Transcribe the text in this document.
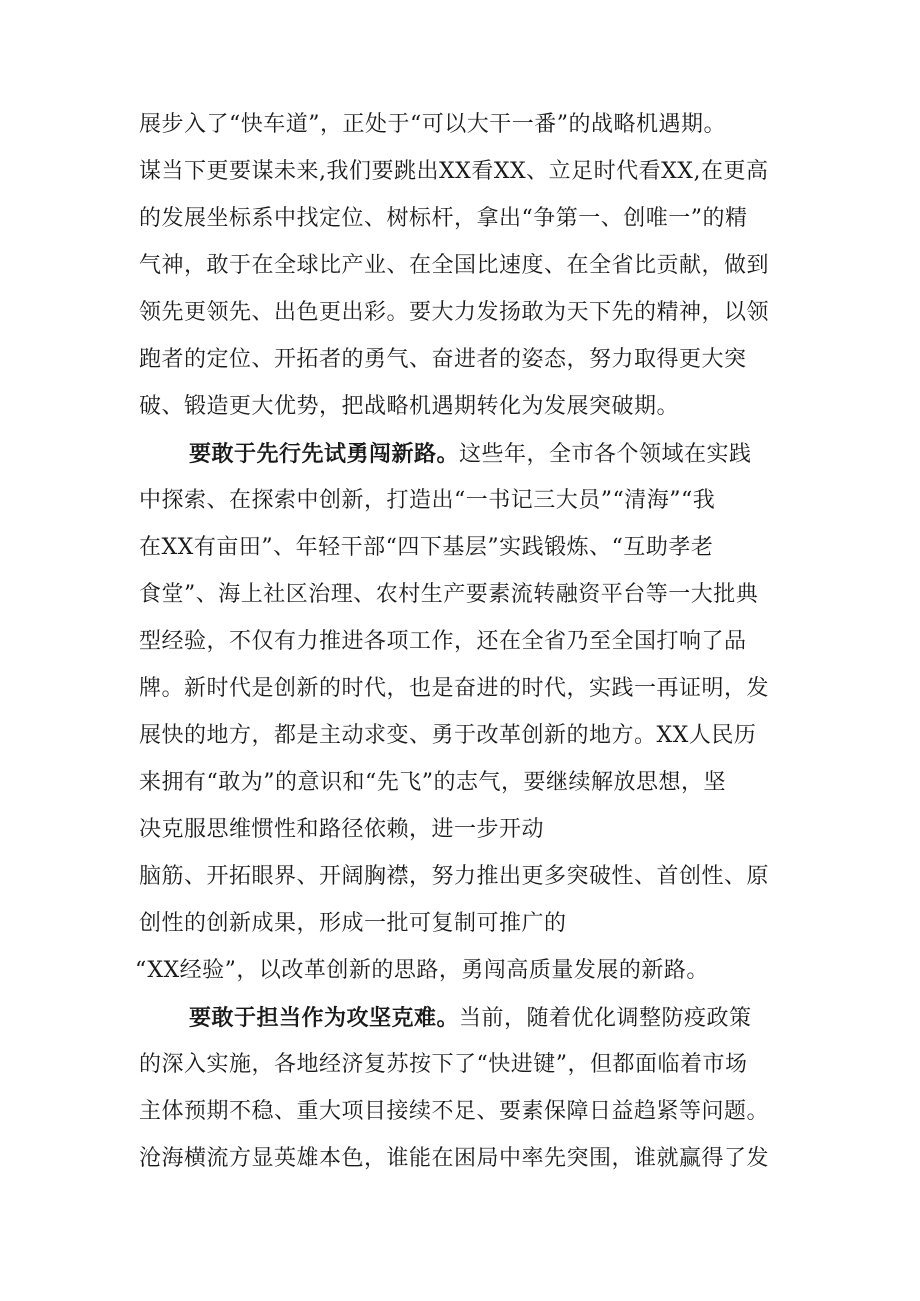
展步入了“快车道”，正处于“可以大干一番”的战略机遇期。
谋当下更要谋未来,我们要跳出XX看XX、立足时代看XX,在更高
的发展坐标系中找定位、树标杆，拿出“争第一、创唯一”的精
气神，敢于在全球比产业、在全国比速度、在全省比贡献，做到
领先更领先、出色更出彩。要大力发扬敢为天下先的精神，以领
跑者的定位、开拓者的勇气、奋进者的姿态，努力取得更大突
破、锻造更大优势，把战略机遇期转化为发展突破期。
要敢于先行先试勇闯新路。这些年，全市各个领域在实践
中探索、在探索中创新，打造出“一书记三大员”“清海”“我
在XX有亩田”、年轻干部“四下基层”实践锻炼、“互助孝老
食堂”、海上社区治理、农村生产要素流转融资平台等一大批典
型经验，不仅有力推进各项工作，还在全省乃至全国打响了品
牌。新时代是创新的时代，也是奋进的时代，实践一再证明，发
展快的地方，都是主动求变、勇于改革创新的地方。XX人民历
来拥有“敢为”的意识和“先飞”的志气，要继续解放思想，坚
决克服思维惯性和路径依赖，进一步开动
脑筋、开拓眼界、开阔胸襟，努力推出更多突破性、首创性、原
创性的创新成果，形成一批可复制可推广的
“XX经验”，以改革创新的思路，勇闯高质量发展的新路。
要敢于担当作为攻坚克难。当前，随着优化调整防疫政策
的深入实施，各地经济复苏按下了“快进键”，但都面临着市场
主体预期不稳、重大项目接续不足、要素保障日益趋紧等问题。
沧海横流方显英雄本色，谁能在困局中率先突围，谁就赢得了发
